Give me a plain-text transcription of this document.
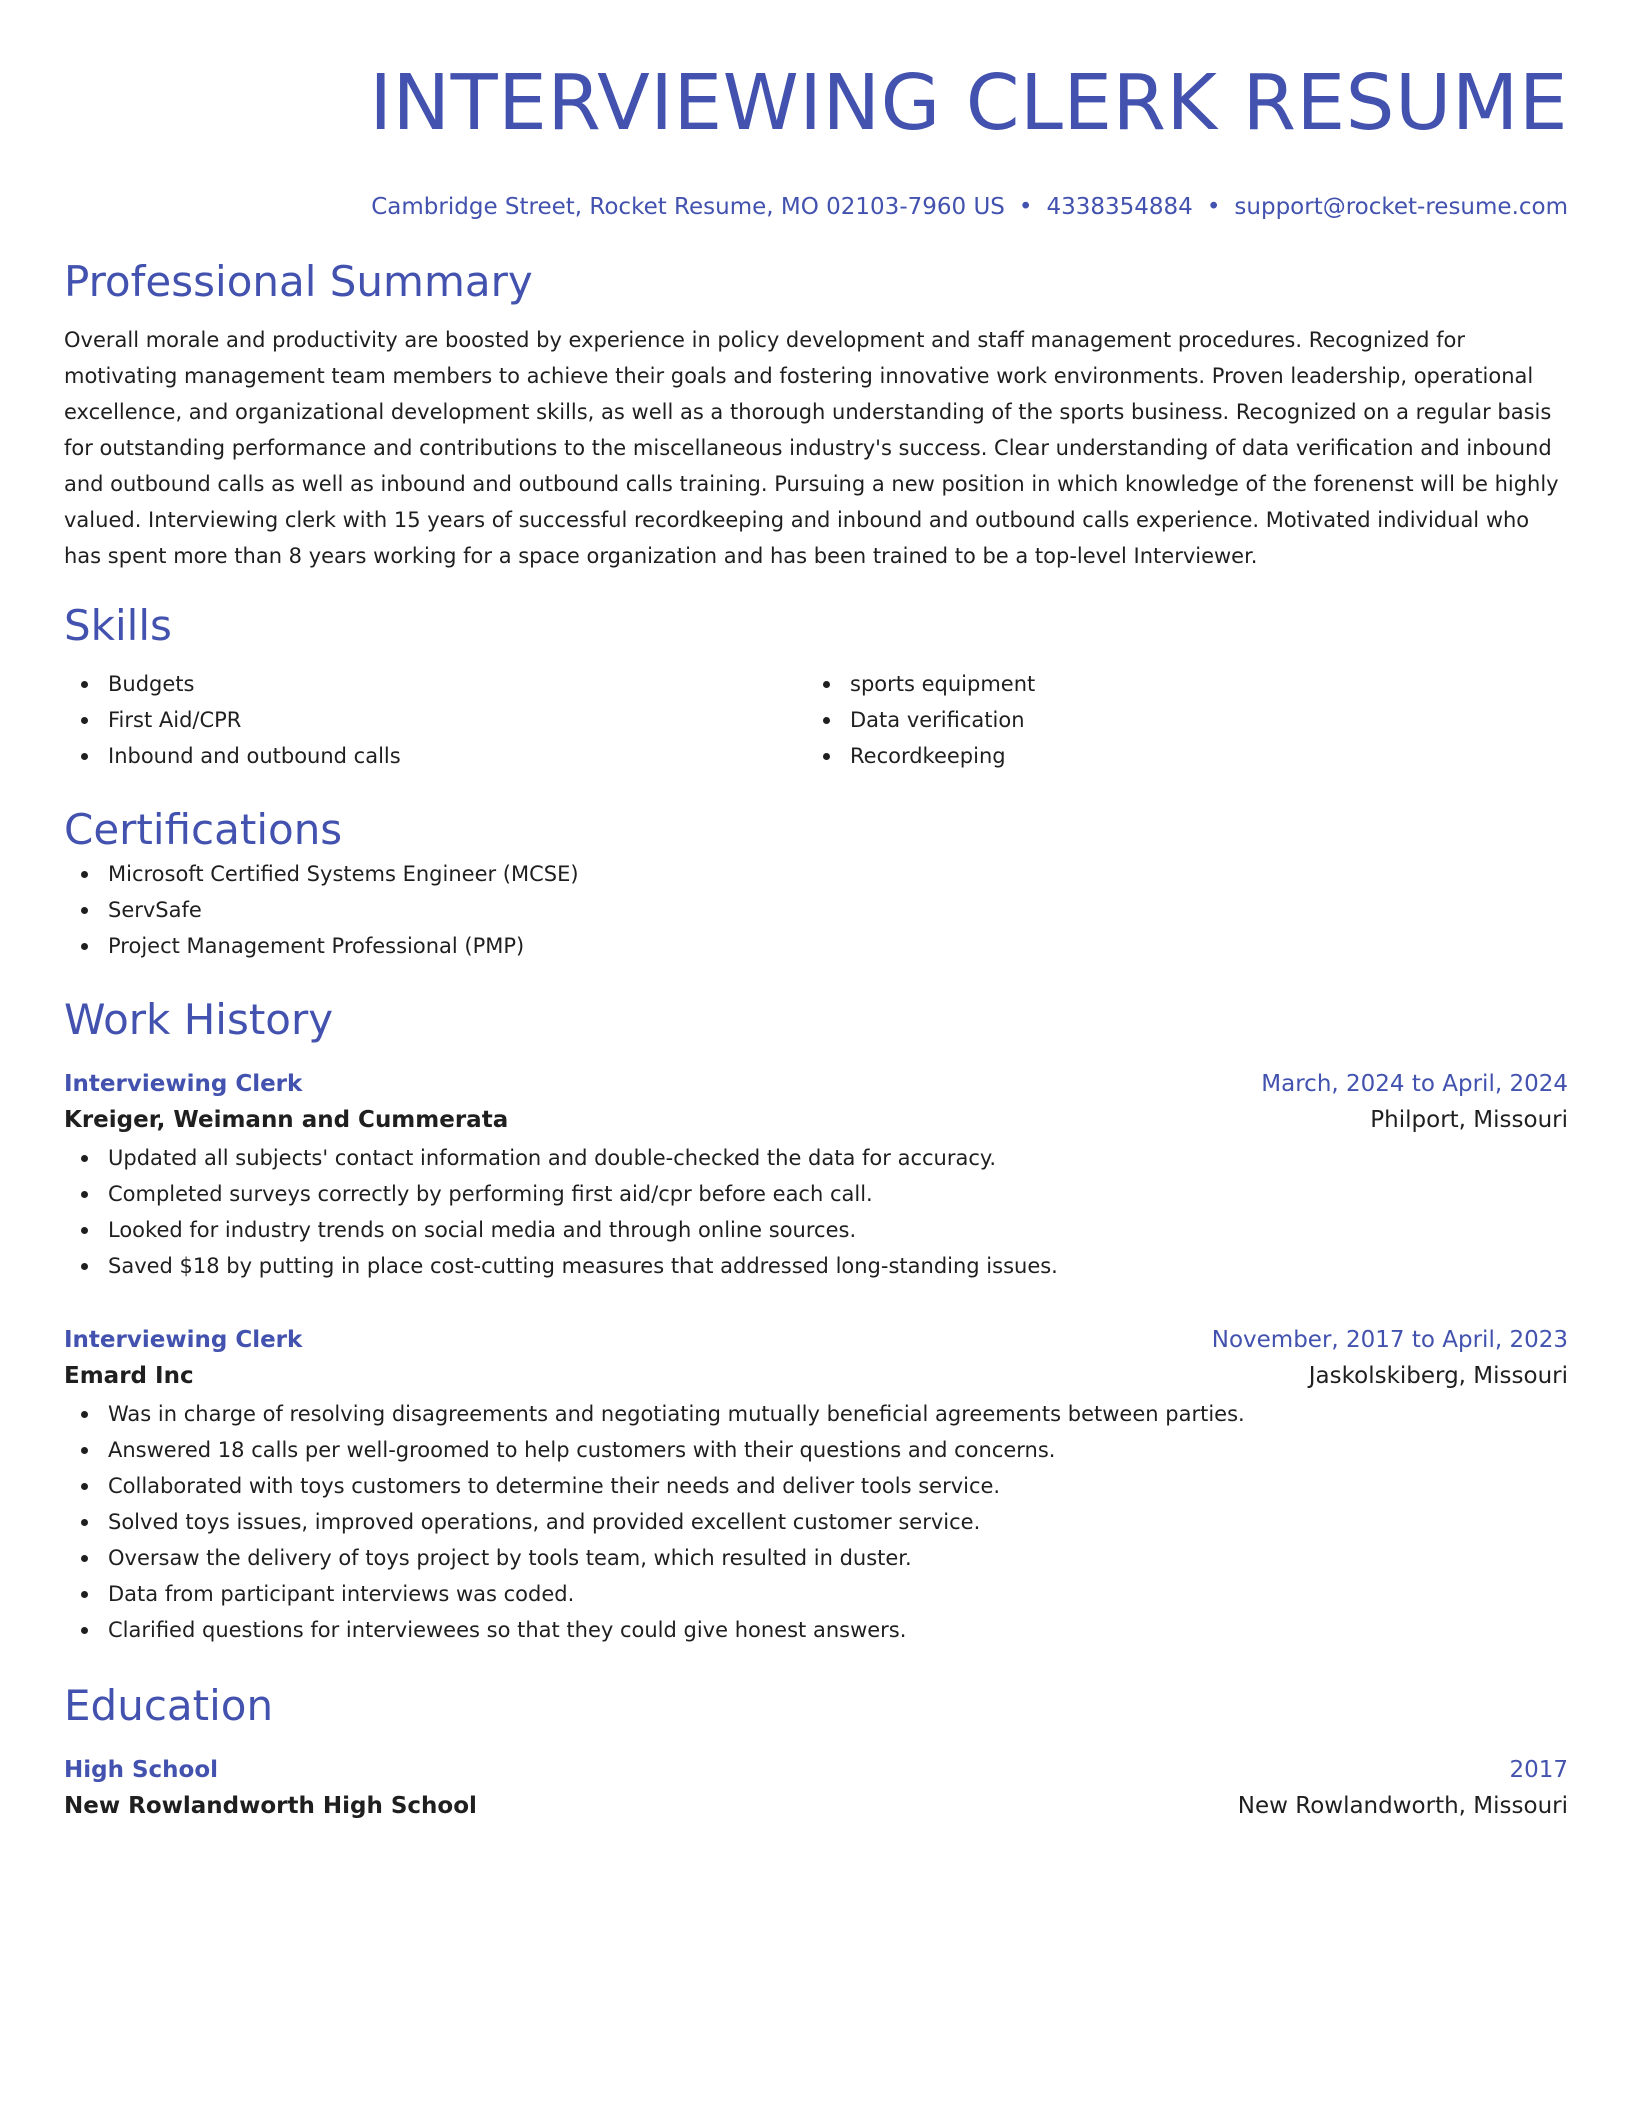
INTERVIEWING CLERK RESUME
Cambridge Street, Rocket Resume, MO 02103-7960 US • 4338354884 • support@rocket-resume.com
Professional Summary
Overall morale and productivity are boosted by experience in policy development and staff management procedures. Recognized for motivating management team members to achieve their goals and fostering innovative work environments. Proven leadership, operational excellence, and organizational development skills, as well as a thorough understanding of the sports business. Recognized on a regular basis for outstanding performance and contributions to the miscellaneous industry's success. Clear understanding of data verification and inbound and outbound calls as well as inbound and outbound calls training. Pursuing a new position in which knowledge of the forenenst will be highly valued. Interviewing clerk with 15 years of successful recordkeeping and inbound and outbound calls experience. Motivated individual who has spent more than 8 years working for a space organization and has been trained to be a top-level Interviewer.
Skills
Budgets
First Aid/CPR
Inbound and outbound calls
sports equipment
Data verification
Recordkeeping
Certifications
Microsoft Certified Systems Engineer (MCSE)
ServSafe
Project Management Professional (PMP)
Work History
Interviewing Clerk	March, 2024 to April, 2024
Kreiger, Weimann and Cummerata	Philport, Missouri
Updated all subjects' contact information and double-checked the data for accuracy.
Completed surveys correctly by performing first aid/cpr before each call.
Looked for industry trends on social media and through online sources.
Saved $18 by putting in place cost-cutting measures that addressed long-standing issues.
Interviewing Clerk	November, 2017 to April, 2023
Emard Inc	Jaskolskiberg, Missouri
Was in charge of resolving disagreements and negotiating mutually beneficial agreements between parties.
Answered 18 calls per well-groomed to help customers with their questions and concerns.
Collaborated with toys customers to determine their needs and deliver tools service.
Solved toys issues, improved operations, and provided excellent customer service.
Oversaw the delivery of toys project by tools team, which resulted in duster.
Data from participant interviews was coded.
Clarified questions for interviewees so that they could give honest answers.
Education
High School	2017
New Rowlandworth High School	New Rowlandworth, Missouri
